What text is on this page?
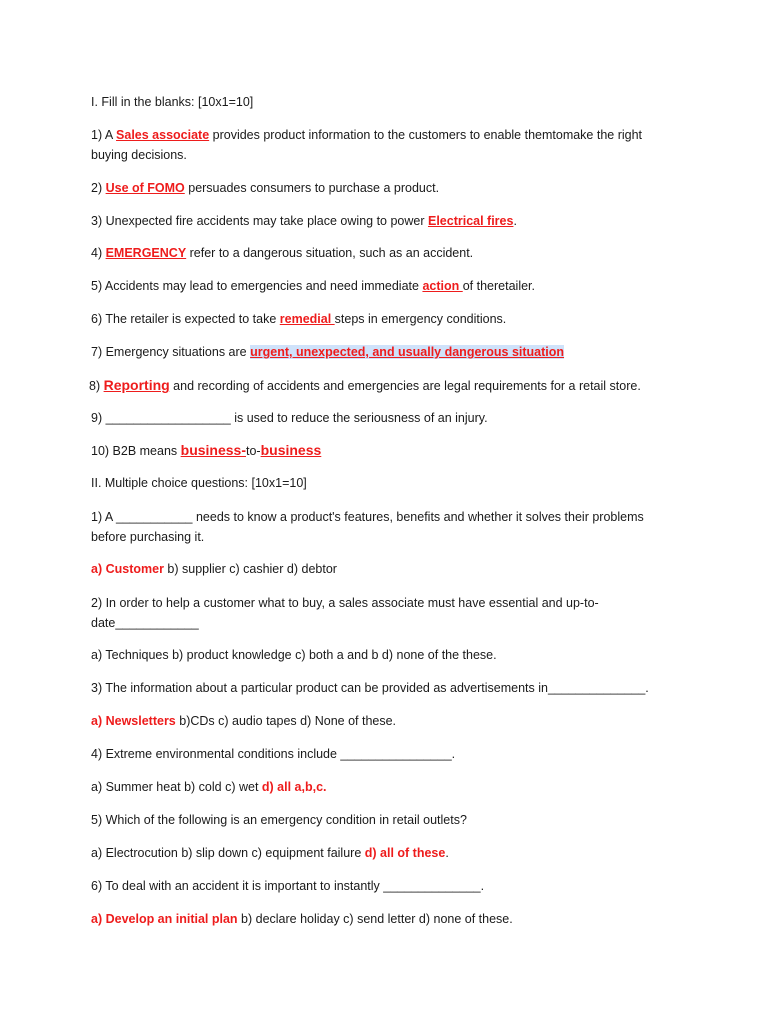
I. Fill in the blanks: [10x1=10]
1) A Sales associate provides product information to the customers to enable themtomake the right buying decisions.
2) Use of FOMO persuades consumers to purchase a product.
3) Unexpected fire accidents may take place owing to power Electrical fires.
4) EMERGENCY refer to a dangerous situation, such as an accident.
5) Accidents may lead to emergencies and need immediate action of theretailer.
6) The retailer is expected to take remedial steps in emergency conditions.
7) Emergency situations are urgent, unexpected, and usually dangerous situation
8) Reporting and recording of accidents and emergencies are legal requirements for a retail store.
9) __________________ is used to reduce the seriousness of an injury.
10) B2B means business-to-business
II. Multiple choice questions: [10x1=10]
1) A ___________ needs to know a product's features, benefits and whether it solves their problems before purchasing it.
a) Customer b) supplier c) cashier d) debtor
2) In order to help a customer what to buy, a sales associate must have essential and up-to-date____________
a) Techniques b) product knowledge c) both a and b d) none of the these.
3) The information about a particular product can be provided as advertisements in______________.
a) Newsletters b)CDs c) audio tapes d) None of these.
4) Extreme environmental conditions include ________________.
a) Summer heat b) cold c) wet d) all a,b,c.
5) Which of the following is an emergency condition in retail outlets?
a) Electrocution b) slip down c) equipment failure d) all of these.
6) To deal with an accident it is important to instantly ______________.
a) Develop an initial plan b) declare holiday c) send letter d) none of these.
